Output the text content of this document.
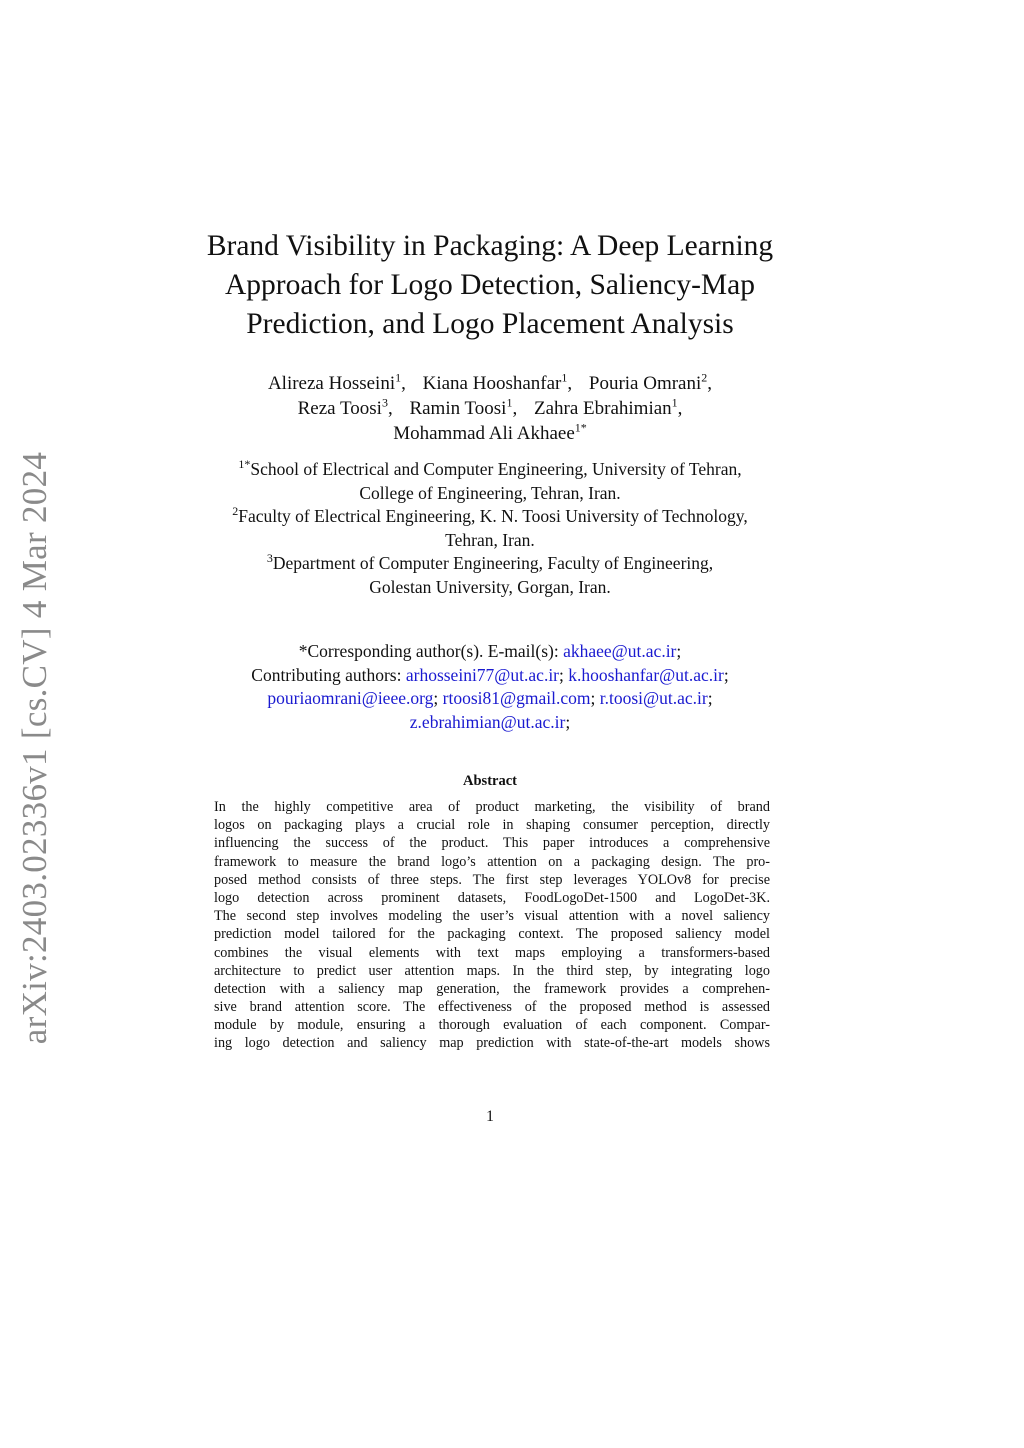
arXiv:2403.02336v1 [cs.CV] 4 Mar 2024
Brand Visibility in Packaging: A Deep Learning
Approach for Logo Detection, Saliency-Map
Prediction, and Logo Placement Analysis
Alireza Hosseini$^1$, Kiana Hooshanfar$^1$, Pouria Omrani$^2$,
Reza Toosi$^3$, Ramin Toosi$^1$, Zahra Ebrahimian$^1$,
Mohammad Ali Akhaee$^{1*}$
$^{1*}$School of Electrical and Computer Engineering, University of Tehran,
College of Engineering, Tehran, Iran.
$^2$Faculty of Electrical Engineering, K. N. Toosi University of Technology,
Tehran, Iran.
$^3$Department of Computer Engineering, Faculty of Engineering,
Golestan University, Gorgan, Iran.
*Corresponding author(s). E-mail(s): akhaee@ut.ac.ir;
Contributing authors: arhosseini77@ut.ac.ir; k.hooshanfar@ut.ac.ir;
pouriaomrani@ieee.org; rtoosi81@gmail.com; r.toosi@ut.ac.ir;
z.ebrahimian@ut.ac.ir;
Abstract
In the highly competitive area of product marketing, the visibility of brand
logos on packaging plays a crucial role in shaping consumer perception, directly
influencing the success of the product. This paper introduces a comprehensive
framework to measure the brand logo’s attention on a packaging design. The pro-
posed method consists of three steps. The first step leverages YOLOv8 for precise
logo detection across prominent datasets, FoodLogoDet-1500 and LogoDet-3K.
The second step involves modeling the user’s visual attention with a novel saliency
prediction model tailored for the packaging context. The proposed saliency model
combines the visual elements with text maps employing a transformers-based
architecture to predict user attention maps. In the third step, by integrating logo
detection with a saliency map generation, the framework provides a comprehen-
sive brand attention score. The effectiveness of the proposed method is assessed
module by module, ensuring a thorough evaluation of each component. Compar-
ing logo detection and saliency map prediction with state-of-the-art models shows
1
